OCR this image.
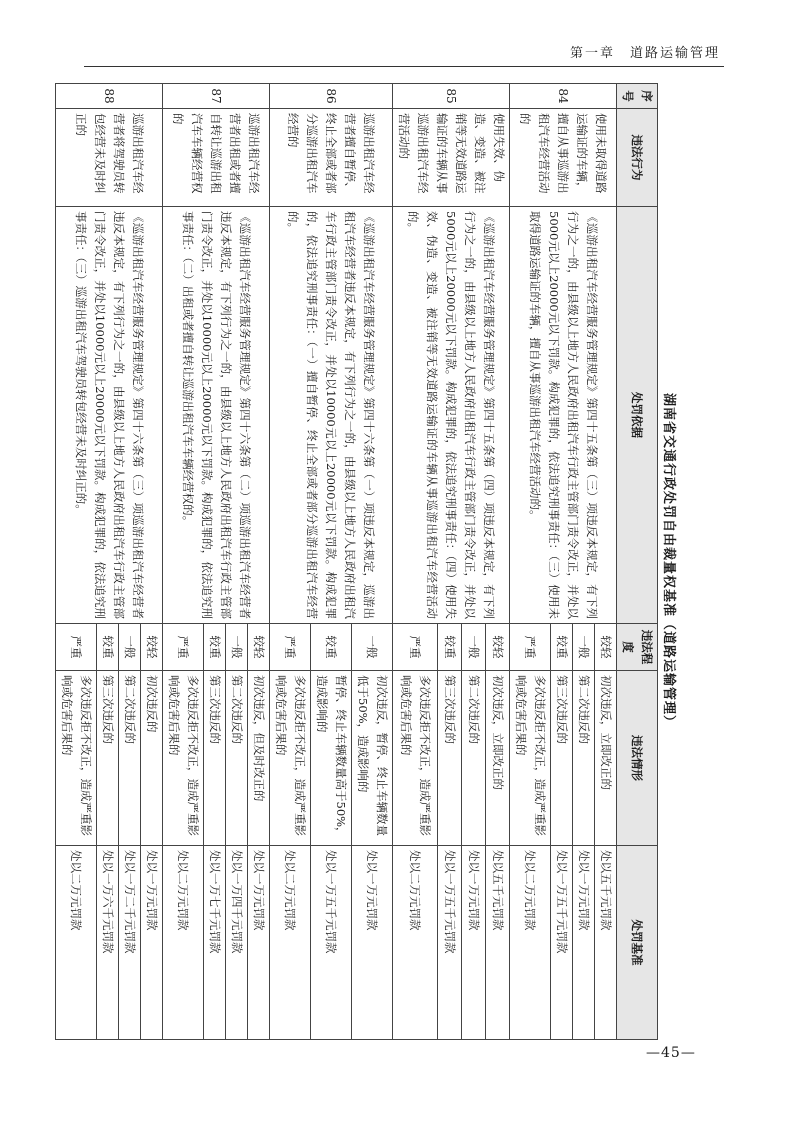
第一章　道路运输管理
湖南省交通行政处罚自由裁量权基准（道路运输管理）
序号	违法行为	处罚依据	违法程度	违法情形	处罚基准
84	使用未取得道路运输证的车辆，擅自从事巡游出租汽车经营活动的	《巡游出租汽车经营服务管理规定》第四十五条第（三）项违反本规定，有下列行为之一的，由县级以上地方人民政府出租汽车行政主管部门责令改正，并处以5000元以上20000元以下罚款。构成犯罪的，依法追究刑事责任：（三）使用未取得道路运输证的车辆，擅自从事巡游出租汽车经营活动的。	较轻	初次违反，立即改正的	处以五千元罚款
			一般	第二次违反的	处以一万元罚款
			较重	第三次违反的	处以一万五千元罚款
			严重	多次违反拒不改正，造成严重影响或危害后果的	处以二万元罚款
85	使用失效、伪造、变造、被注销等无效道路运输证的车辆从事巡游出租汽车经营活动的	《巡游出租汽车经营服务管理规定》第四十五条第（四）项违反本规定，有下列行为之一的，由县级以上地方人民政府出租汽车行政主管部门责令改正，并处以5000元以上20000元以下罚款。构成犯罪的，依法追究刑事责任：（四）使用失效、伪造、变造、被注销等无效道路运输证的车辆从事巡游出租汽车经营活动的。	较轻	初次违反，立即改正的	处以五千元罚款
			一般	第二次违反的	处以一万元罚款
			较重	第三次违反的	处以一万五千元罚款
			严重	多次违反拒不改正，造成严重影响或危害后果的	处以二万元罚款
86	巡游出租汽车经营者擅自暂停、终止全部或者部分巡游出租汽车经营的	《巡游出租汽车经营服务管理规定》第四十六条第（一）项违反本规定，巡游出租汽车经营者违反本规定，有下列行为之一的，由县级以上地方人民政府出租汽车行政主管部门责令改正，并处以10000元以上20000元以下罚款。构成犯罪的，依法追究刑事责任：（一）擅自暂停、终止全部或者部分巡游出租汽车经营的。	一般	初次违反，暂停、终止车辆数量低于50%，造成影响的	处以一万元罚款
			较重	暂停、终止车辆数量高于50%，造成影响的	处以一万五千元罚款
			严重	多次违反拒不改正，造成严重影响或危害后果的	处以二万元罚款
87	巡游出租汽车经营者出租或者擅自转让巡游出租汽车车辆经营权的	《巡游出租汽车经营服务管理规定》第四十六条第（二）项巡游出租汽车经营者违反本规定，有下列行为之一的，由县级以上地方人民政府出租汽车行政主管部门责令改正，并处以10000元以上20000元以下罚款。构成犯罪的，依法追究刑事责任：（二）出租或者擅自转让巡游出租汽车车辆经营权的。	较轻	初次违反，但及时改正的	处以一万元罚款
			一般	第二次违反的	处以一万四千元罚款
			较重	第三次违反的	处以一万七千元罚款
			严重	多次违反拒不改正，造成严重影响或危害后果的	处以二万元罚款
88	巡游出租汽车经营者将驾驶员转包经营未及时纠正的	《巡游出租汽车经营服务管理规定》第四十六条第（三）项巡游出租汽车经营者违反本规定，有下列行为之一的，由县级以上地方人民政府出租汽车行政主管部门责令改正，并处以10000元以上20000元以下罚款。构成犯罪的，依法追究刑事责任：（三）巡游出租汽车驾驶员转包经营未及时纠正的。	较轻	初次违反的	处以一万元罚款
			一般	第二次违反的	处以一万二千元罚款
			较重	第三次违反的	处以一万六千元罚款
			严重	多次违反拒不改正，造成严重影响或危害后果的	处以二万元罚款
—45—
